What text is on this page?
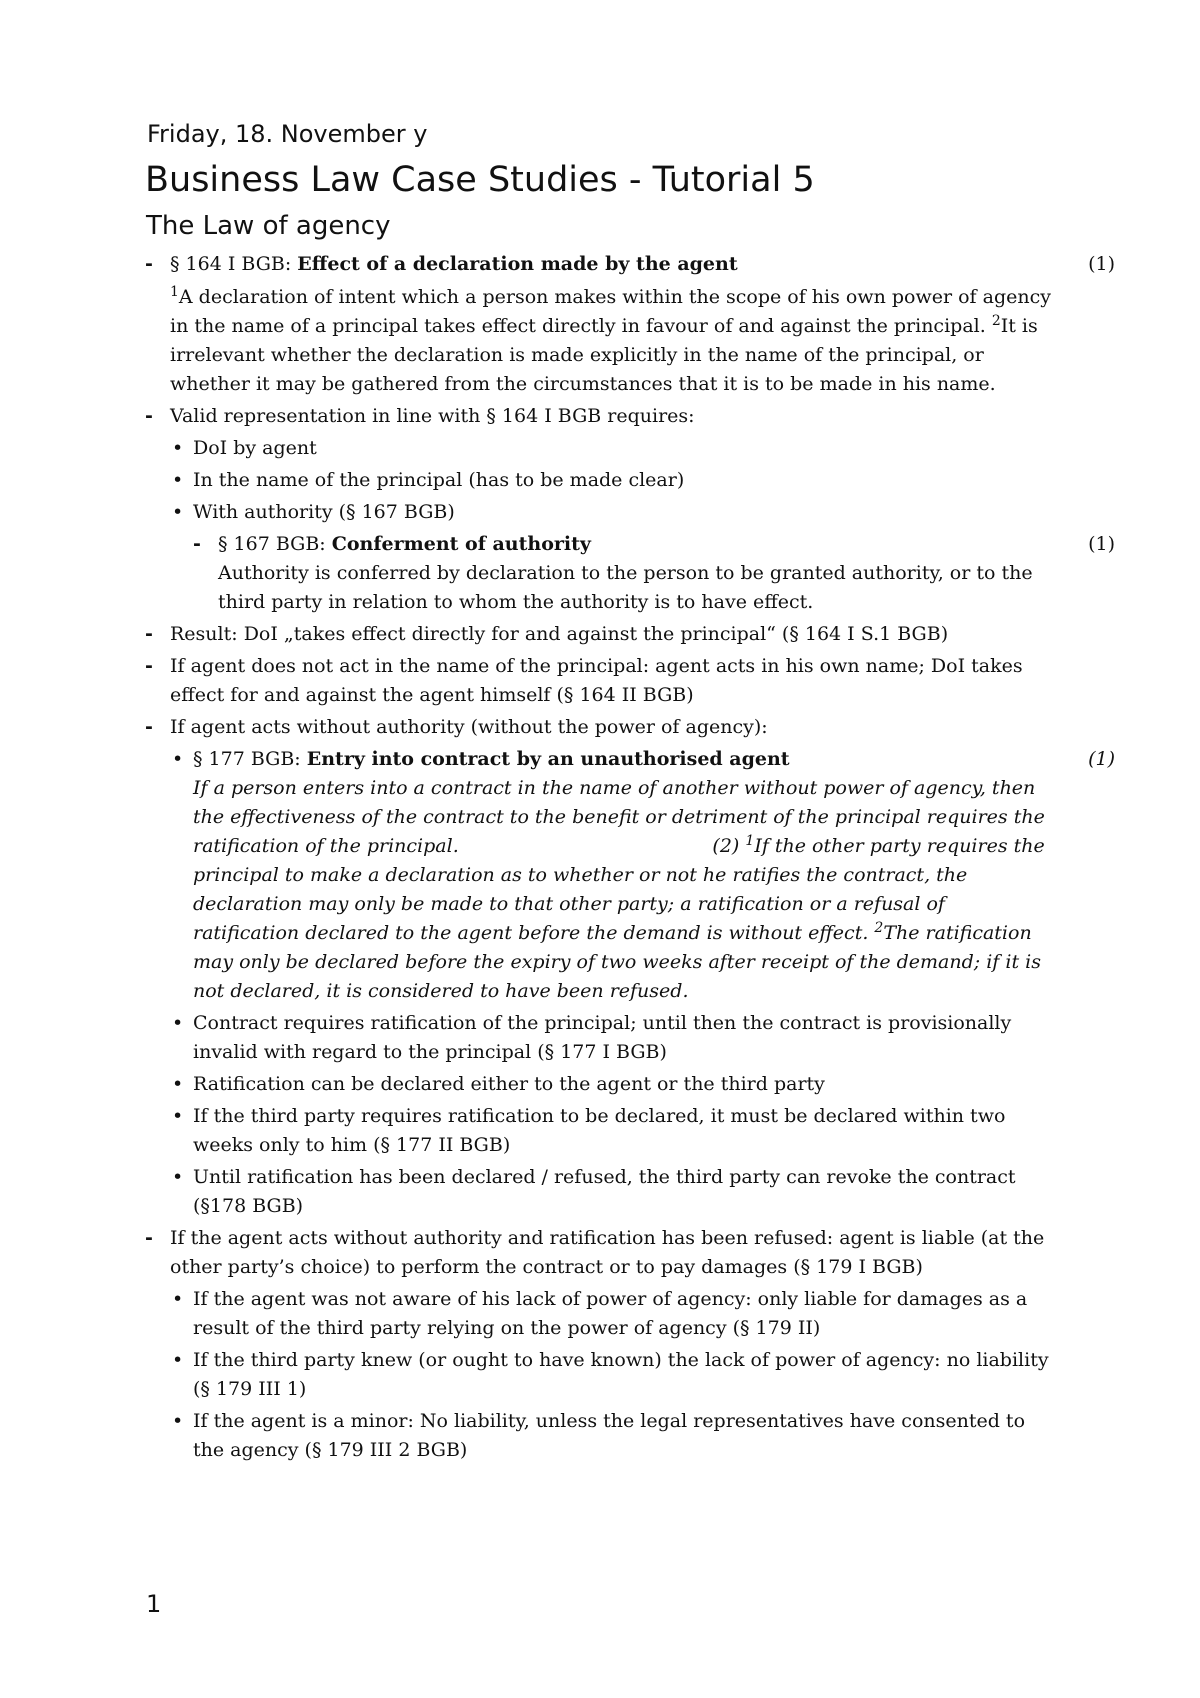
Friday, 18. November y
Business Law Case Studies - Tutorial 5
The Law of agency
- § 164 I BGB: Effect of a declaration made by the agent	(1)
$^1$A declaration of intent which a person makes within the scope of his own power of agency in the name of a principal takes effect directly in favour of and against the principal. $^2$It is irrelevant whether the declaration is made explicitly in the name of the principal, or whether it may be gathered from the circumstances that it is to be made in his name.
- Valid representation in line with § 164 I BGB requires:
• DoI by agent
• In the name of the principal (has to be made clear)
• With authority (§ 167 BGB)
- § 167 BGB: Conferment of authority	(1)
Authority is conferred by declaration to the person to be granted authority, or to the third party in relation to whom the authority is to have effect.
- Result: DoI „takes effect directly for and against the principal“ (§ 164 I S.1 BGB)
- If agent does not act in the name of the principal: agent acts in his own name; DoI takes effect for and against the agent himself (§ 164 II BGB)
- If agent acts without authority (without the power of agency):
• § 177 BGB: Entry into contract by an unauthorised agent	(1)
If a person enters into a contract in the name of another without power of agency, then the effectiveness of the contract to the benefit or detriment of the principal requires the ratification of the principal.	(2) $^1$If the other party requires the principal to make a declaration as to whether or not he ratifies the contract, the declaration may only be made to that other party; a ratification or a refusal of ratification declared to the agent before the demand is without effect. $^2$The ratification may only be declared before the expiry of two weeks after receipt of the demand; if it is not declared, it is considered to have been refused.
• Contract requires ratification of the principal; until then the contract is provisionally invalid with regard to the principal (§ 177 I BGB)
• Ratification can be declared either to the agent or the third party
• If the third party requires ratification to be declared, it must be declared within two weeks only to him (§ 177 II BGB)
• Until ratification has been declared / refused, the third party can revoke the contract (§178 BGB)
- If the agent acts without authority and ratification has been refused: agent is liable (at the other party’s choice) to perform the contract or to pay damages (§ 179 I BGB)
• If the agent was not aware of his lack of power of agency: only liable for damages as a result of the third party relying on the power of agency (§ 179 II)
• If the third party knew (or ought to have known) the lack of power of agency: no liability (§ 179 III 1)
• If the agent is a minor: No liability, unless the legal representatives have consented to the agency (§ 179 III 2 BGB)
1
